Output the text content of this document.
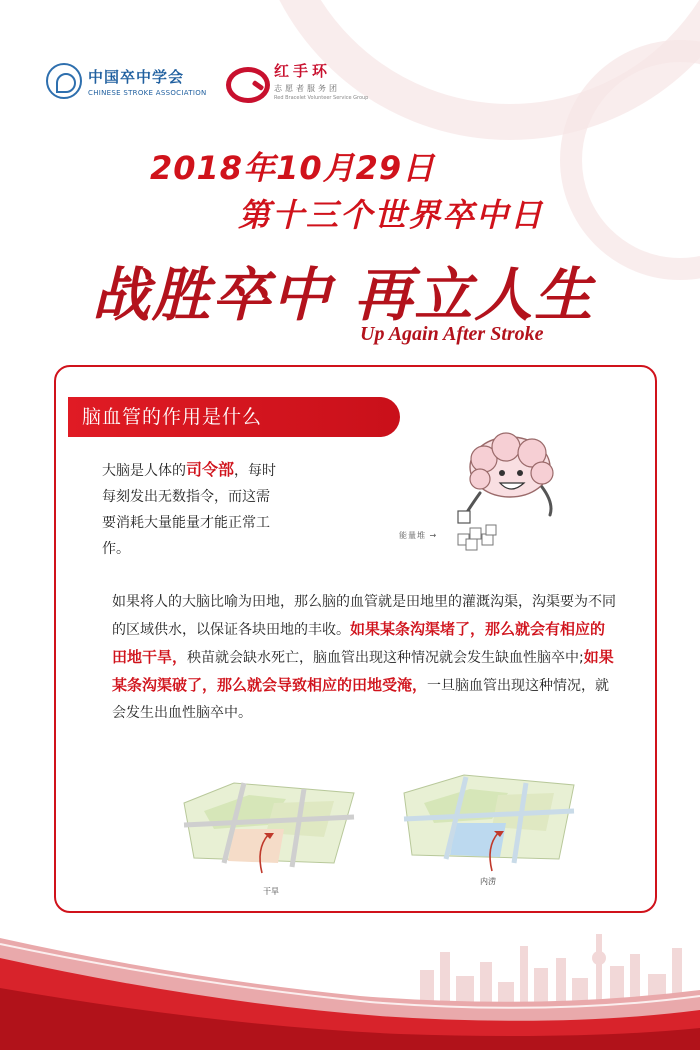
中国卒中学会
CHINESE STROKE ASSOCIATION
红手环
志愿者服务团
Red Bracelet Volunteer Service Group
2018年10月29日
第十三个世界卒中日
战胜卒中 再立人生
Up Again After Stroke
脑血管的作用是什么

大脑是人体的司令部，每时每刻发出无数指令，而这需要消耗大量能量才能正常工作。

能量堆 →

如果将人的大脑比喻为田地，那么脑的血管就是田地里的灌溉沟渠，沟渠要为不同的区域供水，以保证各块田地的丰收。如果某条沟渠堵了，那么就会有相应的田地干旱，秧苗就会缺水死亡，脑血管出现这种情况就会发生缺血性脑卒中;如果某条沟渠破了，那么就会导致相应的田地受淹，一旦脑血管出现这种情况，就会发生出血性脑卒中。

干旱
内涝
